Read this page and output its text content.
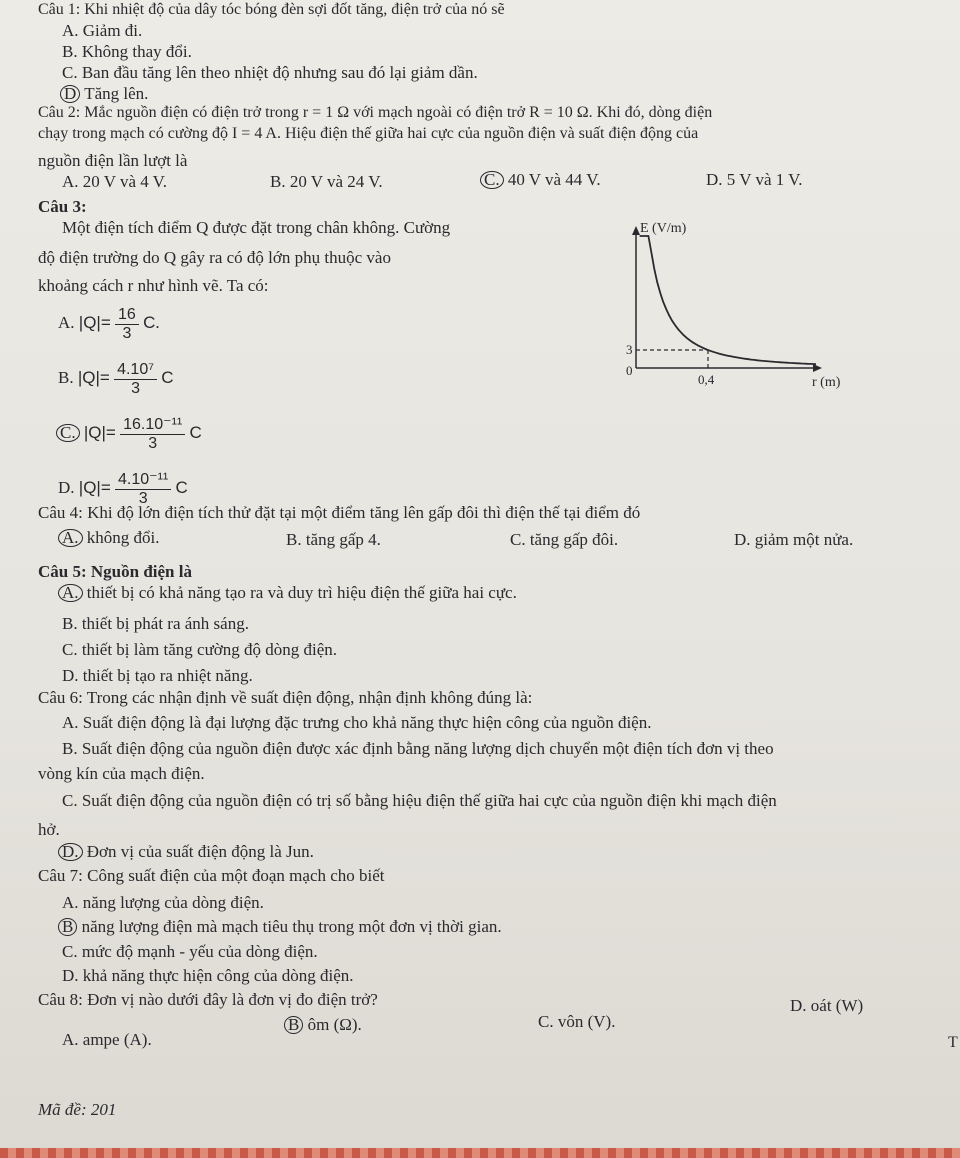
Câu 1: Khi nhiệt độ của dây tóc bóng đèn sợi đốt tăng, điện trở của nó sẽ
A. Giảm đi.
B. Không thay đổi.
C. Ban đầu tăng lên theo nhiệt độ nhưng sau đó lại giảm dần.
D Tăng lên.
Câu 2: Mắc nguồn điện có điện trở trong r = 1 Ω với mạch ngoài có điện trở R = 10 Ω. Khi đó, dòng điện
chạy trong mạch có cường độ I = 4 A. Hiệu điện thế giữa hai cực của nguồn điện và suất điện động của
nguồn điện lần lượt là
A. 20 V và 4 V.	B. 20 V và 24 V.	C. 40 V và 44 V.	D. 5 V và 1 V.
Câu 3:
Một điện tích điểm Q được đặt trong chân không. Cường
độ điện trường do Q gây ra có độ lớn phụ thuộc vào
khoảng cách r như hình vẽ. Ta có:
A. $|Q|= \frac{16}{3} C$.
B. $|Q|= \frac{\text{4.10⁷}}{3}$ C
C. $|Q|= \frac{\text{16.10⁻¹¹}}{3}$ C
D. $|Q|= \frac{\text{4.10⁻¹¹}}{3}$ C
E (V/m)
r (m)
0
3
0,4
Câu 4: Khi độ lớn điện tích thử đặt tại một điểm tăng lên gấp đôi thì điện thế tại điểm đó
A. không đổi.	B. tăng gấp 4.	C. tăng gấp đôi.	D. giảm một nửa.
Câu 5: Nguồn điện là
A. thiết bị có khả năng tạo ra và duy trì hiệu điện thế giữa hai cực.
B. thiết bị phát ra ánh sáng.
C. thiết bị làm tăng cường độ dòng điện.
D. thiết bị tạo ra nhiệt năng.
Câu 6: Trong các nhận định về suất điện động, nhận định không đúng là:
A. Suất điện động là đại lượng đặc trưng cho khả năng thực hiện công của nguồn điện.
B. Suất điện động của nguồn điện được xác định bằng năng lượng dịch chuyển một điện tích đơn vị theo
vòng kín của mạch điện.
C. Suất điện động của nguồn điện có trị số bằng hiệu điện thế giữa hai cực của nguồn điện khi mạch điện
hở.
D. Đơn vị của suất điện động là Jun.
Câu 7: Công suất điện của một đoạn mạch cho biết
A. năng lượng của dòng điện.
B năng lượng điện mà mạch tiêu thụ trong một đơn vị thời gian.
C. mức độ mạnh - yếu của dòng điện.
D. khả năng thực hiện công của dòng điện.
Câu 8: Đơn vị nào dưới đây là đơn vị đo điện trở?
A. ampe (A).
B ôm (Ω).	C. vôn (V).
D. oát (W)
T
Mã đề: 201
